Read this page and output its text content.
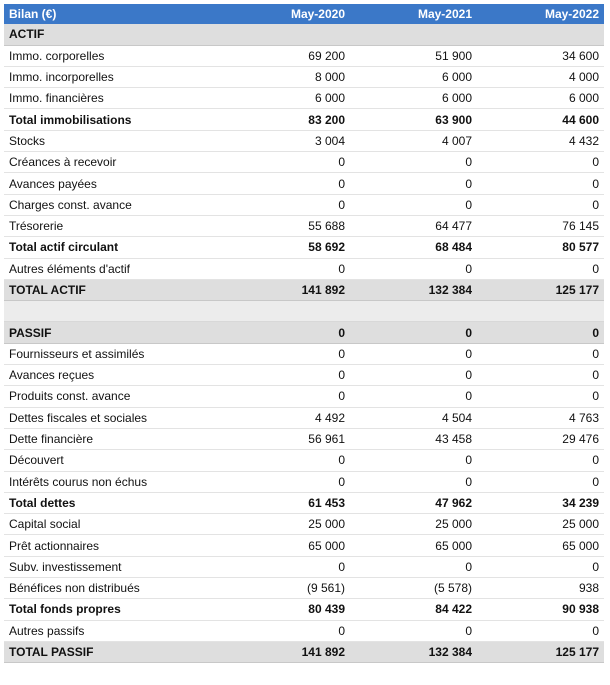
Bilan (€)	May-2020	May-2021	May-2022
ACTIF			
Immo. corporelles	69 200	51 900	34 600
Immo. incorporelles	8 000	6 000	4 000
Immo. financières	6 000	6 000	6 000
Total immobilisations	83 200	63 900	44 600
Stocks	3 004	4 007	4 432
Créances à recevoir	0	0	0
Avances payées	0	0	0
Charges const. avance	0	0	0
Trésorerie	55 688	64 477	76 145
Total actif circulant	58 692	68 484	80 577
Autres éléments d'actif	0	0	0
TOTAL ACTIF	141 892	132 384	125 177

PASSIF	0	0	0
Fournisseurs et assimilés	0	0	0
Avances reçues	0	0	0
Produits const. avance	0	0	0
Dettes fiscales et sociales	4 492	4 504	4 763
Dette financière	56 961	43 458	29 476
Découvert	0	0	0
Intérêts courus non échus	0	0	0
Total dettes	61 453	47 962	34 239
Capital social	25 000	25 000	25 000
Prêt actionnaires	65 000	65 000	65 000
Subv. investissement	0	0	0
Bénéfices non distribués	(9 561)	(5 578)	938
Total fonds propres	80 439	84 422	90 938
Autres passifs	0	0	0
TOTAL PASSIF	141 892	132 384	125 177
